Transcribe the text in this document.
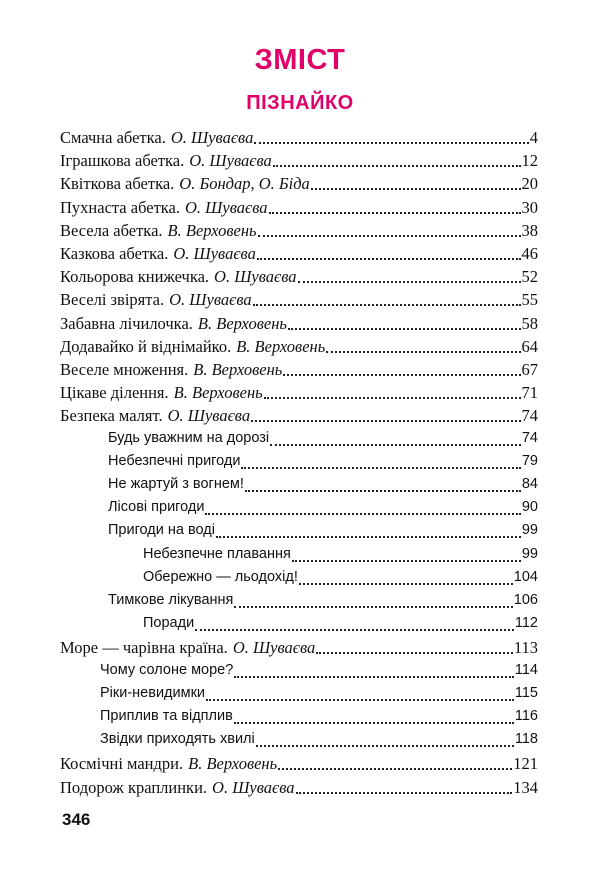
ЗМІСТ
ПІЗНАЙКО
Смачна абетка. О. Шуваєва	4
Іграшкова абетка. О. Шуваєва	12
Квіткова абетка. О. Бондар, О. Біда	20
Пухнаста абетка. О. Шуваєва	30
Весела абетка. В. Верховень	38
Казкова абетка. О. Шуваєва	46
Кольорова книжечка. О. Шуваєва	52
Веселі звірята. О. Шуваєва	55
Забавна лічилочка. В. Верховень	58
Додавайко й віднімайко. В. Верховень	64
Веселе множення. В. Верховень	67
Цікаве ділення. В. Верховень	71
Безпека малят. О. Шуваєва	74
Будь уважним на дорозі	74
Небезпечні пригоди	79
Не жартуй з вогнем!	84
Лісові пригоди	90
Пригоди на воді	99
Небезпечне плавання	99
Обережно — льодохід!	104
Тимкове лікування	106
Поради	112
Море — чарівна країна. О. Шуваєва	113
Чому солоне море?	114
Ріки-невидимки	115
Приплив та відплив	116
Звідки приходять хвилі	118
Космічні мандри. В. Верховень	121
Подорож краплинки. О. Шуваєва	134
346
